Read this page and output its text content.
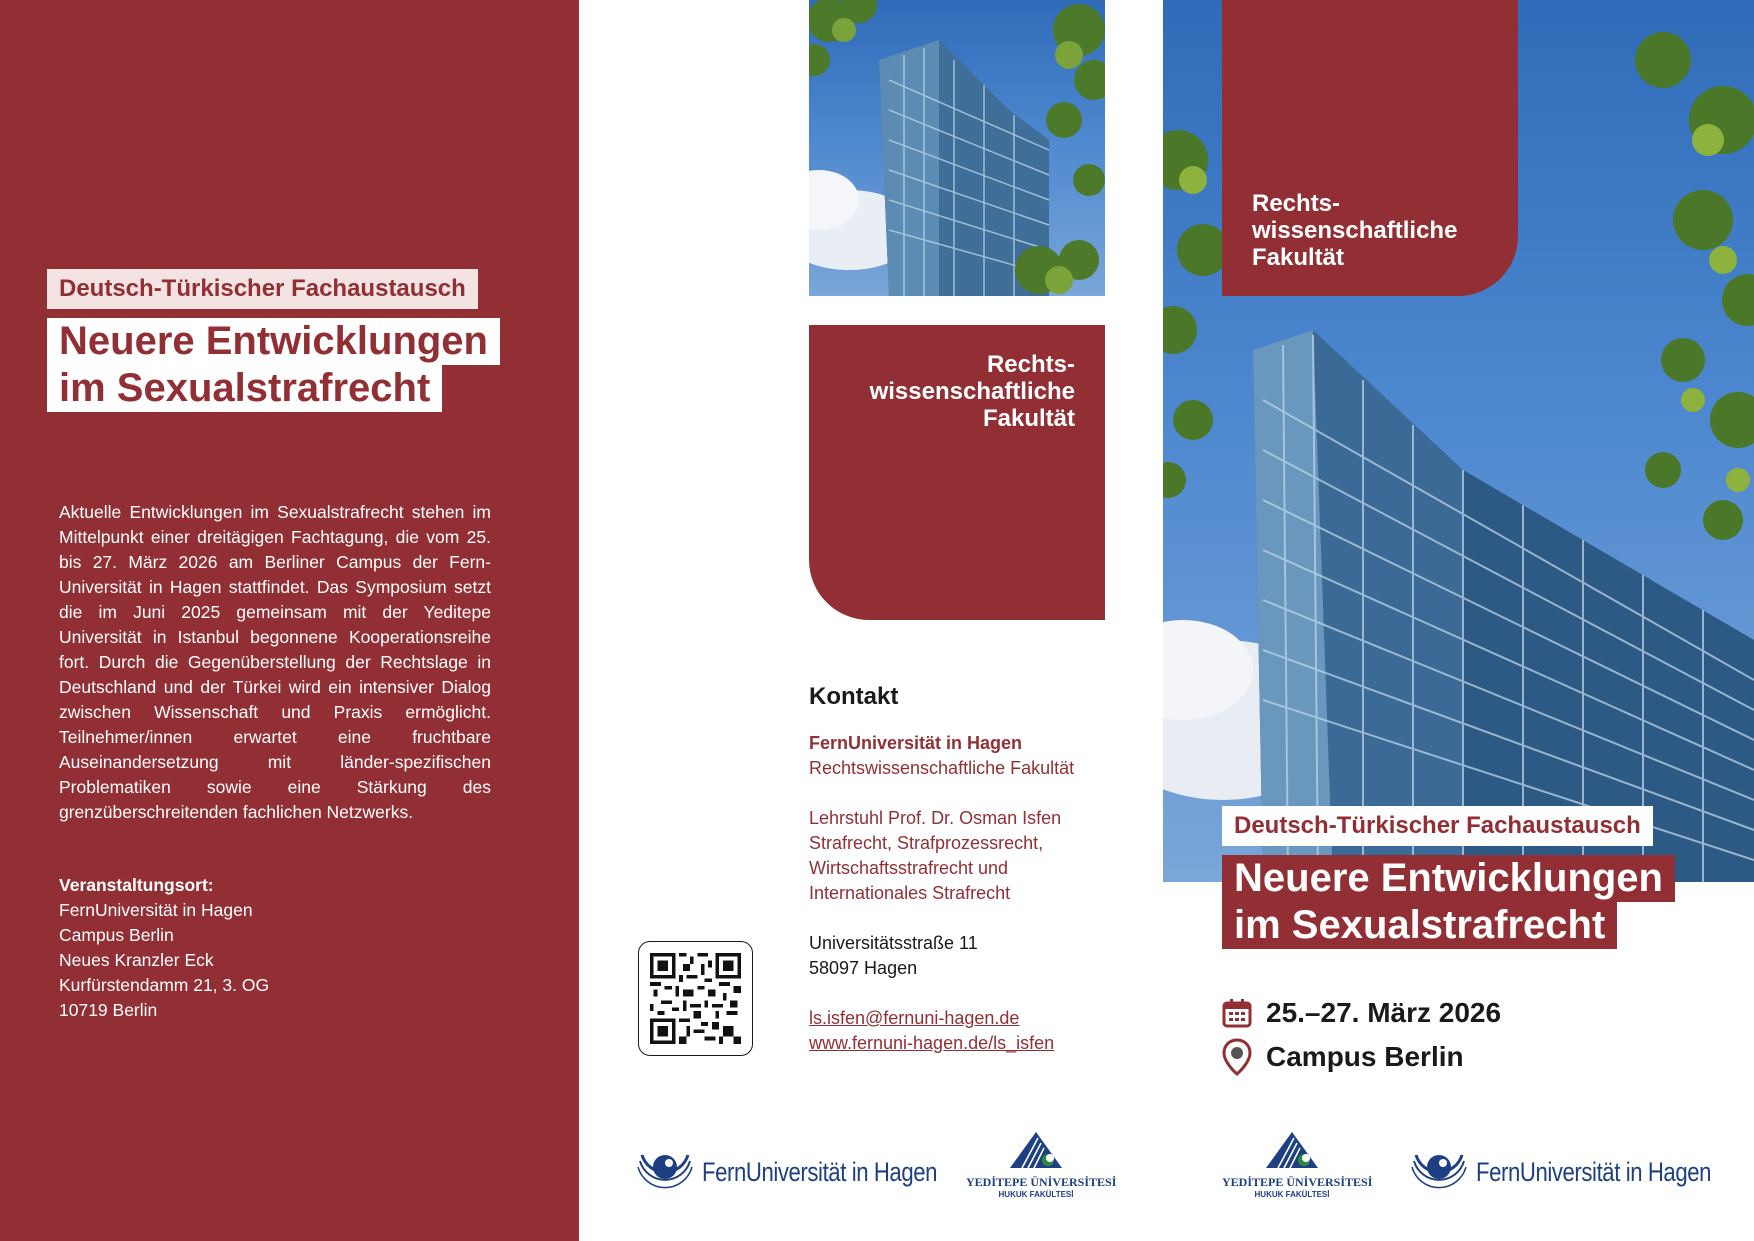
Deutsch-Türkischer Fachaustausch
Neuere Entwicklungen
im Sexualstrafrecht

Aktuelle Entwicklungen im Sexualstrafrecht stehen im Mittelpunkt einer dreitägigen Fachtagung, die vom 25. bis 27. März 2026 am Berliner Campus der Fern-Universität in Hagen stattfindet. Das Symposium setzt die im Juni 2025 gemeinsam mit der Yeditepe Universität in Istanbul begonnene Kooperationsreihe fort. Durch die Gegenüberstellung der Rechtslage in Deutschland und der Türkei wird ein intensiver Dialog zwischen Wissenschaft und Praxis ermöglicht. Teilnehmer/innen erwartet eine fruchtbare Auseinandersetzung mit länder-spezifischen Problematiken sowie eine Stärkung des grenzüberschreitenden fachlichen Netzwerks.

Veranstaltungsort:
FernUniversität in Hagen
Campus Berlin
Neues Kranzler Eck
Kurfürstendamm 21, 3. OG
10719 Berlin
Rechts-
wissenschaftliche
Fakultät
Kontakt
FernUniversität in Hagen
Rechtswissenschaftliche Fakultät
Lehrstuhl Prof. Dr. Osman Isfen
Strafrecht, Strafprozessrecht,
Wirtschaftsstrafrecht und
Internationales Strafrecht
Universitätsstraße 11
58097 Hagen
ls.isfen@fernuni-hagen.de
www.fernuni-hagen.de/ls_isfen
FernUniversität in Hagen YEDİTEPE ÜNİVERSİTESİ
HUKUK FAKÜLTESİ
Rechts-
wissenschaftliche
Fakultät
Deutsch-Türkischer Fachaustausch
Neuere Entwicklungen
im Sexualstrafrecht
25.–27. März 2026
Campus Berlin
YEDİTEPE ÜNİVERSİTESİ
HUKUK FAKÜLTESİ
FernUniversität in Hagen
